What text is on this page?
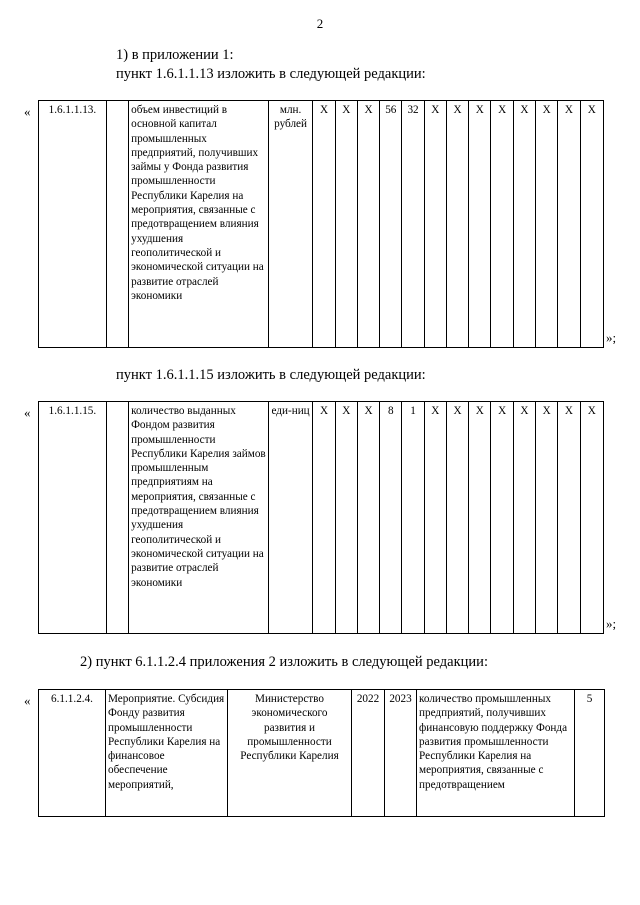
2
1) в приложении 1:
пункт 1.6.1.1.13 изложить в следующей редакции:
« 1.6.1.1.13.		объем инвестиций в основной капитал промышленных предприятий, получивших займы у Фонда развития промышленности Республики Карелия на мероприятия, связанные с предотвращением влияния ухудшения геополитической и экономической ситуации на развитие отраслей экономики	млн. рублей	Х	Х	Х	56	32	Х	Х	Х	Х	Х	Х	Х	Х
»;
пункт 1.6.1.1.15 изложить в следующей редакции:
« 1.6.1.1.15.		количество выданных Фондом развития промышленности Республики Карелия займов промышленным предприятиям на мероприятия, связанные с предотвращением влияния ухудшения геополитической и экономической ситуации на развитие отраслей экономики	еди-ниц	Х	Х	Х	8	1	Х	Х	Х	Х	Х	Х	Х	Х
»;
2) пункт 6.1.1.2.4 приложения 2 изложить в следующей редакции:
« 6.1.1.2.4.	Мероприятие. Субсидия Фонду развития промышленности Республики Карелия на финансовое обеспечение мероприятий,	Министерство экономического развития и промышленности Республики Карелия	2022	2023	количество промышленных предприятий, получивших финансовую поддержку Фонда развития промышленности Республики Карелия на мероприятия, связанные с предотвращением	5
